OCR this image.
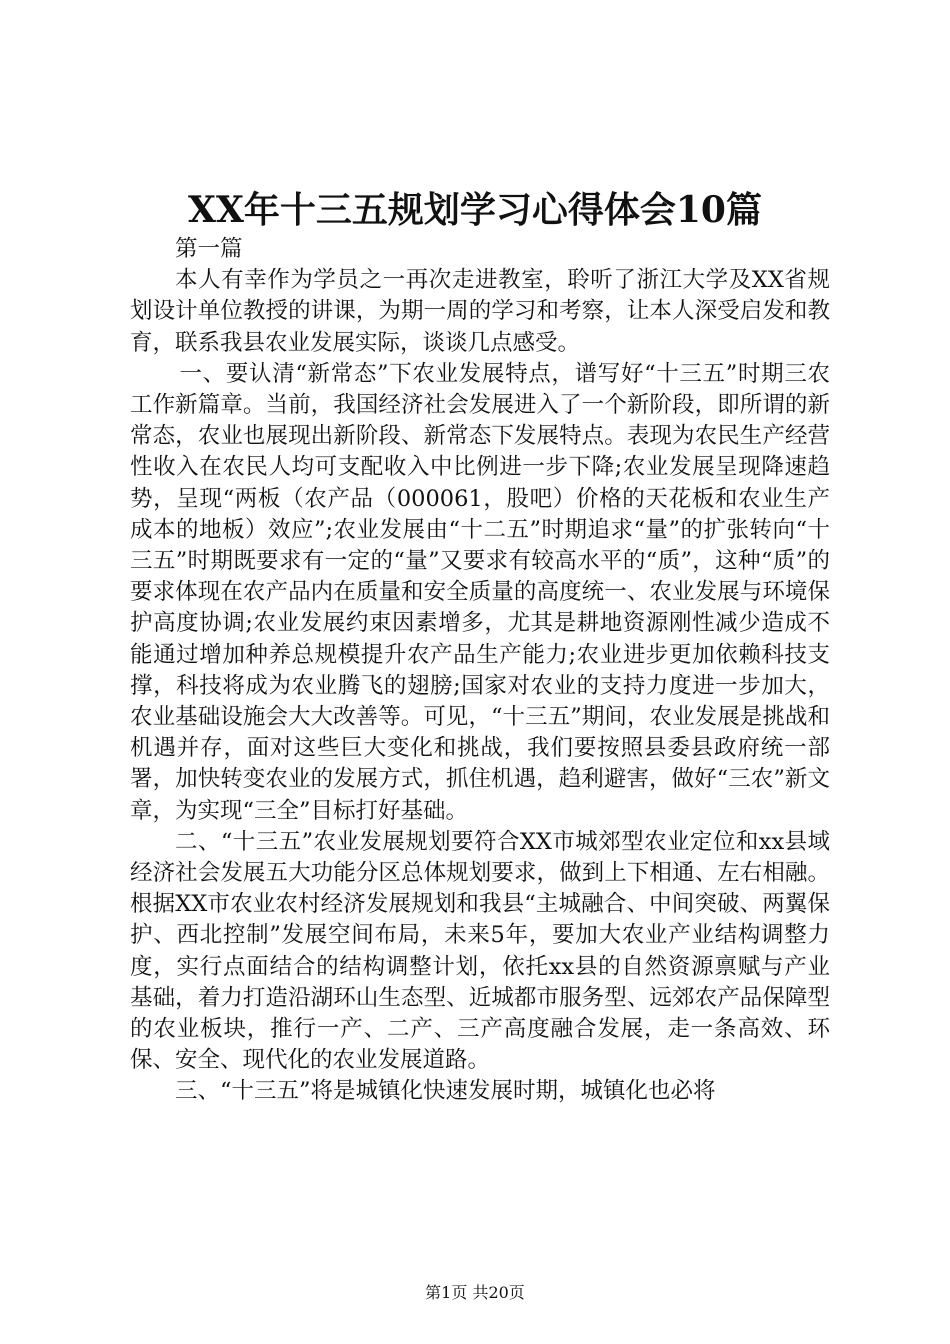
XX年十三五规划学习心得体会10篇

第一篇

本人有幸作为学员之一再次走进教室，聆听了浙江大学及XX省规划设计单位教授的讲课，为期一周的学习和考察，让本人深受启发和教育，联系我县农业发展实际，谈谈几点感受。

一、要认清“新常态”下农业发展特点，谱写好“十三五”时期三农工作新篇章。当前，我国经济社会发展进入了一个新阶段，即所谓的新常态，农业也展现出新阶段、新常态下发展特点。表现为农民生产经营性收入在农民人均可支配收入中比例进一步下降;农业发展呈现降速趋势，呈现“两板（农产品（000061，股吧）价格的天花板和农业生产成本的地板）效应”;农业发展由“十二五”时期追求“量”的扩张转向“十三五”时期既要求有一定的“量”又要求有较高水平的“质”，这种“质”的要求体现在农产品内在质量和安全质量的高度统一、农业发展与环境保护高度协调;农业发展约束因素增多，尤其是耕地资源刚性减少造成不能通过增加种养总规模提升农产品生产能力;农业进步更加依赖科技支撑，科技将成为农业腾飞的翅膀;国家对农业的支持力度进一步加大，农业基础设施会大大改善等。可见，“十三五”期间，农业发展是挑战和机遇并存，面对这些巨大变化和挑战，我们要按照县委县政府统一部署，加快转变农业的发展方式，抓住机遇，趋利避害，做好“三农”新文章，为实现“三全”目标打好基础。

二、“十三五”农业发展规划要符合XX市城郊型农业定位和xx县域经济社会发展五大功能分区总体规划要求，做到上下相通、左右相融。根据XX市农业农村经济发展规划和我县“主城融合、中间突破、两翼保护、西北控制”发展空间布局，未来5年，要加大农业产业结构调整力度，实行点面结合的结构调整计划，依托xx县的自然资源禀赋与产业基础，着力打造沿湖环山生态型、近城都市服务型、远郊农产品保障型的农业板块，推行一产、二产、三产高度融合发展，走一条高效、环保、安全、现代化的农业发展道路。

三、“十三五”将是城镇化快速发展时期，城镇化也必将

第1页 共20页
